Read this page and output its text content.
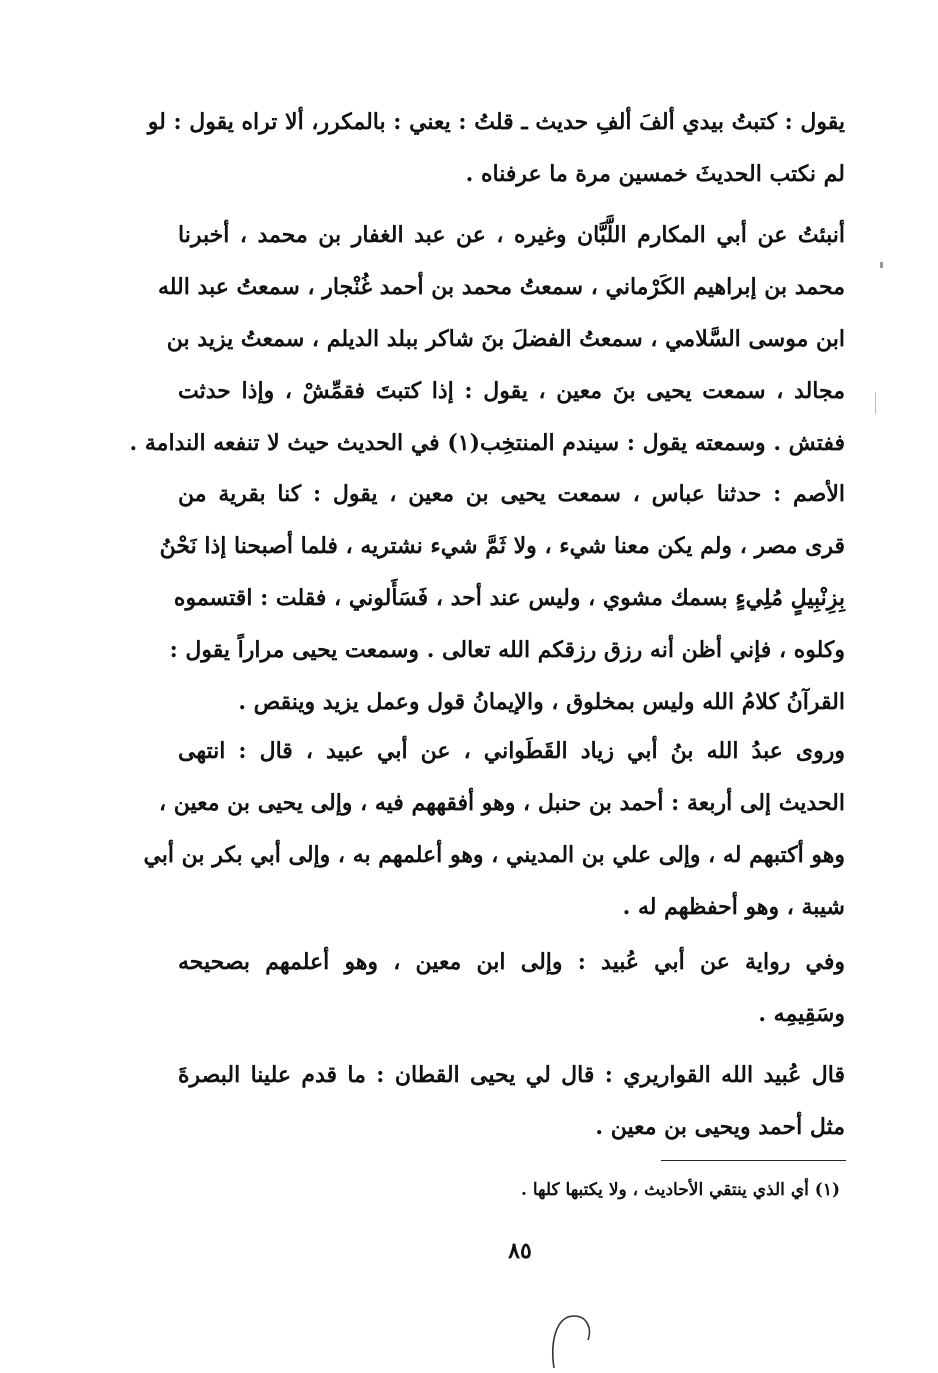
يقول : كتبتُ بيدي ألفَ ألفِ حديث ـ قلتُ : يعني : بالمكرر، ألا تراه يقول : لو
لم نكتب الحديثَ خمسين مرة ما عرفناه .
أنبئتُ عن أبي المكارم اللَّبَّان وغيره ، عن عبد الغفار بن محمد ، أخبرنا
محمد بن إبراهيم الكَرْماني ، سمعتُ محمد بن أحمد غُنْجار ، سمعتُ عبد الله
ابن موسى السَّلامي ، سمعتُ الفضلَ بنَ شاكر ببلد الديلم ، سمعتُ يزيد بن
مجالد ، سمعت يحيى بنَ معين ، يقول : إذا كتبتَ فقمِّشْ ، وإذا حدثت
ففتش . وسمعته يقول : سيندم المنتخِب(١) في الحديث حيث لا تنفعه الندامة .
الأصم : حدثنا عباس ، سمعت يحيى بن معين ، يقول : كنا بقرية من
قرى مصر ، ولم يكن معنا شيء ، ولا ثَمَّ شيء نشتريه ، فلما أصبحنا إذا نَحْنُ
بِزِنْبِيلٍ مُلِيءٍ بسمك مشوي ، وليس عند أحد ، فَسَأَلوني ، فقلت : اقتسموه
وكلوه ، فإني أظن أنه رزق رزقكم الله تعالى . وسمعت يحيى مراراً يقول :
القرآنُ كلامُ الله وليس بمخلوق ، والإيمانُ قول وعمل يزيد وينقص .
وروى عبدُ الله بنُ أبي زياد القَطَواني ، عن أبي عبيد ، قال : انتهى
الحديث إلى أربعة : أحمد بن حنبل ، وهو أفقههم فيه ، وإلى يحيى بن معين ،
وهو أكتبهم له ، وإلى علي بن المديني ، وهو أعلمهم به ، وإلى أبي بكر بن أبي
شيبة ، وهو أحفظهم له .
وفي رواية عن أبي عُبيد : وإلى ابن معين ، وهو أعلمهم بصحيحه
وسَقِيمِه .
قال عُبيد الله القواريري : قال لي يحيى القطان : ما قدم علينا البصرةَ
مثل أحمد ويحيى بن معين .
(١) أي الذي ينتقي الأحاديث ، ولا يكتبها كلها .
٨٥
